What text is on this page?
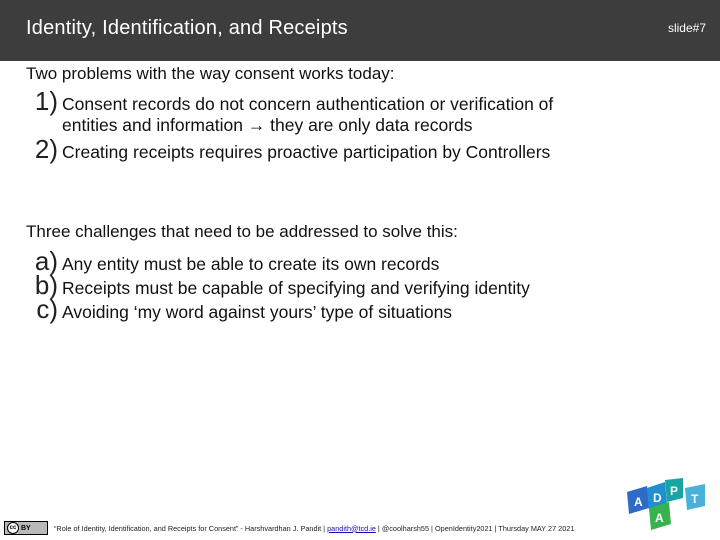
Identity, Identification, and Receipts	slide#7
Two problems with the way consent works today:
1) Consent records do not concern authentication or verification of
entities and information → they are only data records
2) Creating receipts requires proactive participation by Controllers
Three challenges that need to be addressed to solve this:
a) Any entity must be able to create its own records
b) Receipts must be capable of specifying and verifying identity
c) Avoiding ‘my word against yours’ type of situations
cc BY	“Role of Identity, Identification, and Receipts for Consent” - Harshvardhan J. Pandit | pandith@tcd.ie | @coolharsh55 | OpenIdentity2021 | Thursday MAY 27 2021
A D
A
P
T
